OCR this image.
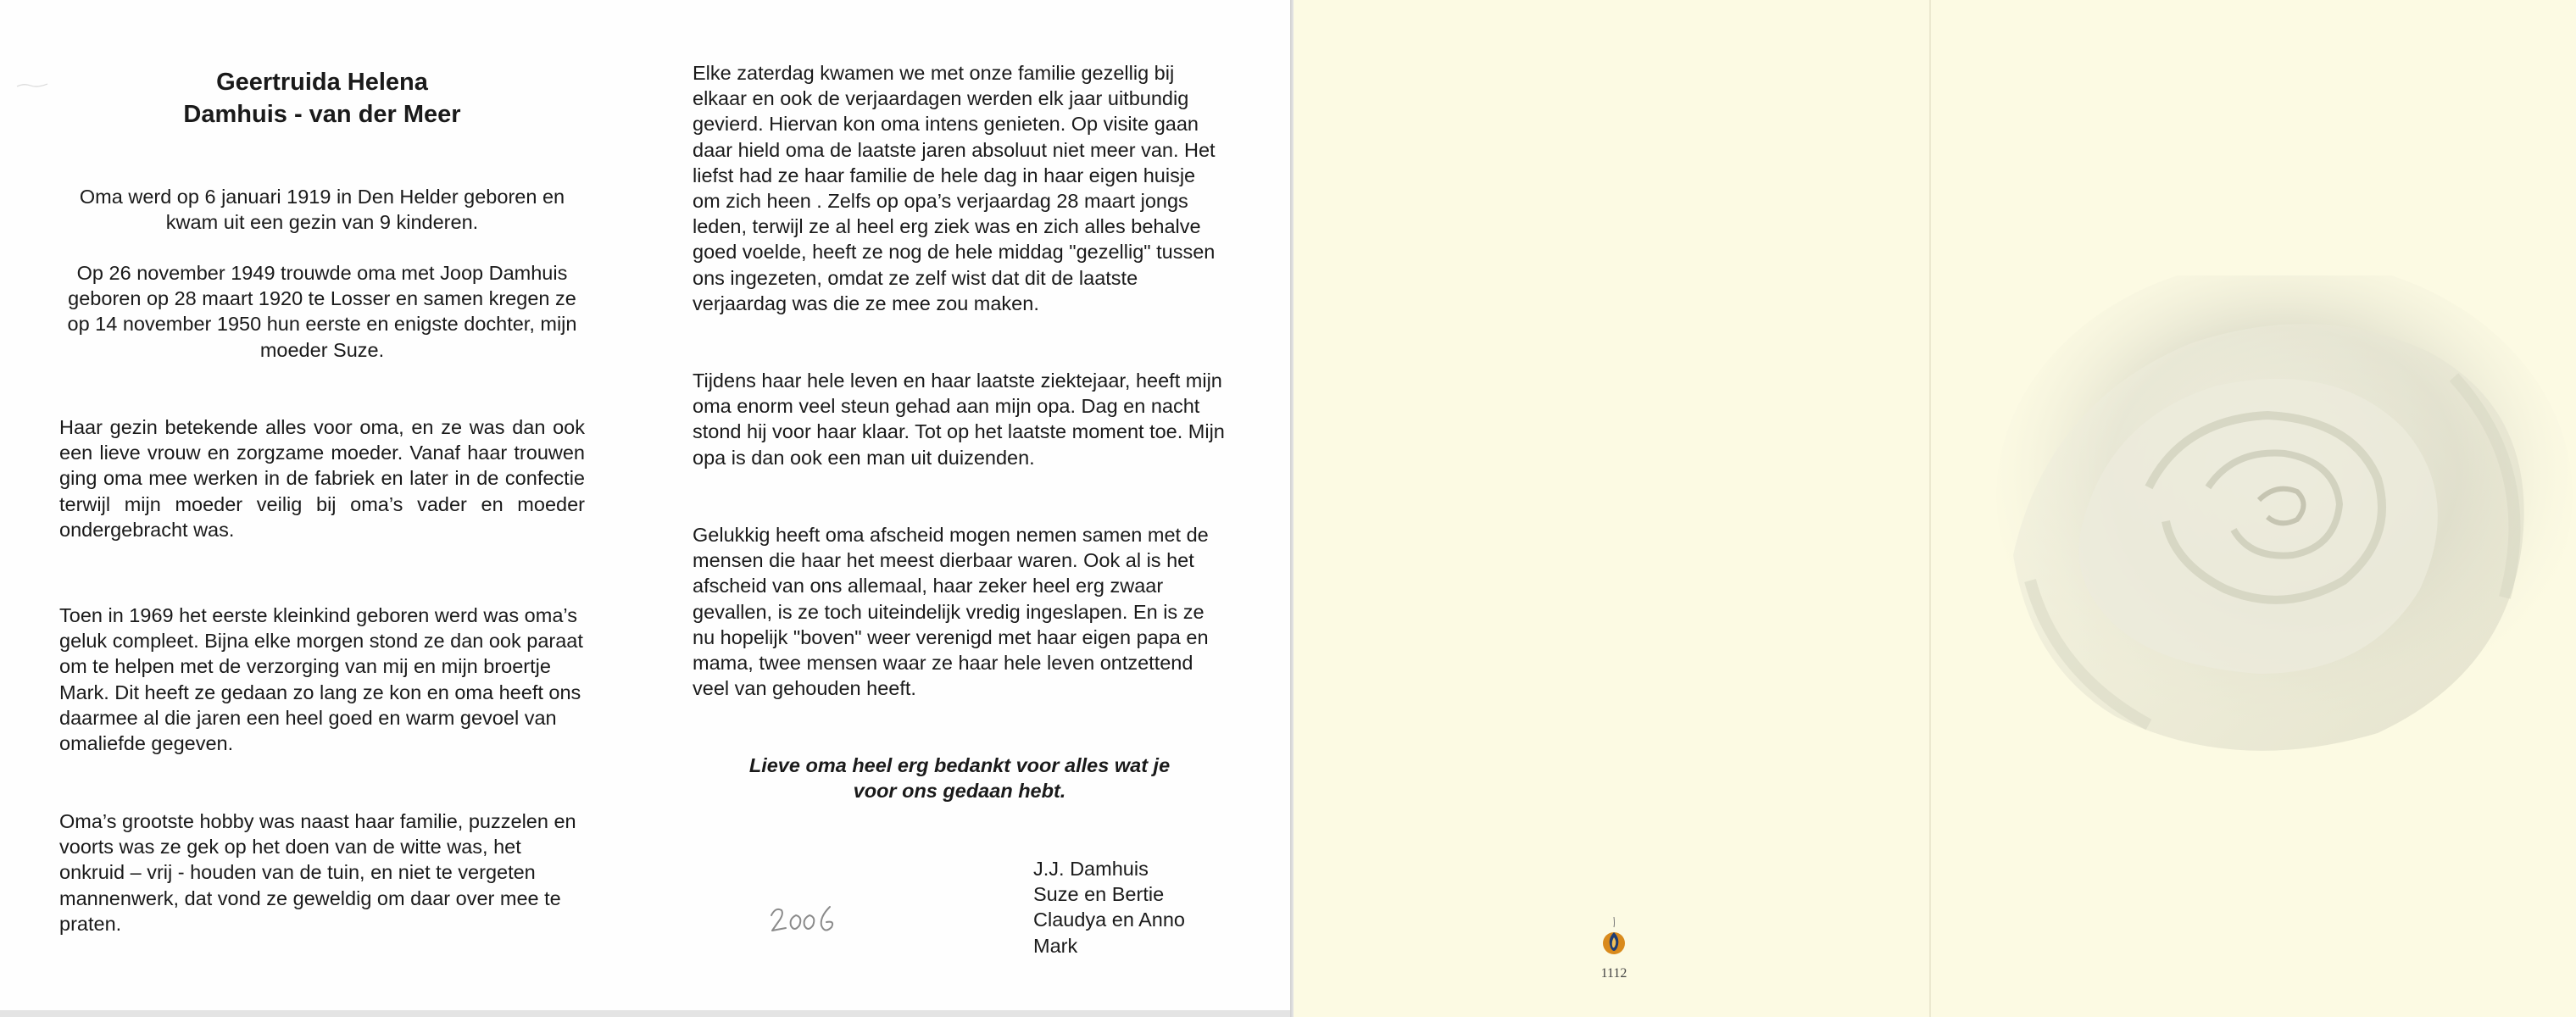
Geertruida Helena
Damhuis - van der Meer

Oma werd op 6 januari 1919 in Den Helder geboren en kwam uit een gezin van 9 kinderen.

Op 26 november 1949 trouwde oma met Joop Damhuis geboren op 28 maart 1920 te Losser en samen kregen ze op 14 november 1950 hun eerste en enigste dochter, mijn moeder Suze.

Haar gezin betekende alles voor oma, en ze was dan ook een lieve vrouw en zorgzame moeder. Vanaf haar trouwen ging oma mee werken in de fabriek en later in de confectie terwijl mijn moeder veilig bij oma’s vader en moeder ondergebracht was.

Toen in 1969 het eerste kleinkind geboren werd was oma’s geluk compleet. Bijna elke morgen stond ze dan ook paraat om te helpen met de verzorging van mij en mijn broertje Mark. Dit heeft ze gedaan zo lang ze kon en oma heeft ons daarmee al die jaren een heel goed en warm gevoel van omaliefde gegeven.

Oma’s grootste hobby was naast haar familie, puzzelen en voorts was ze gek op het doen van de witte was, het onkruid – vrij - houden van de tuin, en niet te vergeten mannenwerk, dat vond ze geweldig om daar over mee te praten.

Elke zaterdag kwamen we met onze familie gezellig bij elkaar en ook de verjaardagen werden elk jaar uitbundig gevierd. Hiervan kon oma intens genieten. Op visite gaan daar hield oma de laatste jaren absoluut niet meer van. Het liefst had ze haar familie de hele dag in haar eigen huisje om zich heen . Zelfs op opa’s verjaardag 28 maart jongs leden, terwijl ze al heel erg ziek was en zich alles behalve goed voelde, heeft ze nog de hele middag "gezellig" tussen ons ingezeten, omdat ze zelf wist dat dit de laatste verjaardag was die ze mee zou maken.

Tijdens haar hele leven en haar laatste ziektejaar, heeft mijn oma enorm veel steun gehad aan mijn opa. Dag en nacht stond hij voor haar klaar. Tot op het laatste moment toe. Mijn opa is dan ook een man uit duizenden.

Gelukkig heeft oma afscheid mogen nemen samen met de mensen die haar het meest dierbaar waren. Ook al is het afscheid van ons allemaal, haar zeker heel erg zwaar gevallen, is ze toch uiteindelijk vredig ingeslapen. En is ze nu hopelijk "boven" weer verenigd met haar eigen papa en mama, twee mensen waar ze haar hele leven ontzettend veel van gehouden heeft.

Lieve oma heel erg bedankt voor alles wat je
voor ons gedaan hebt.
J.J. Damhuis
Suze en Bertie
Claudya en Anno
Mark
1112
